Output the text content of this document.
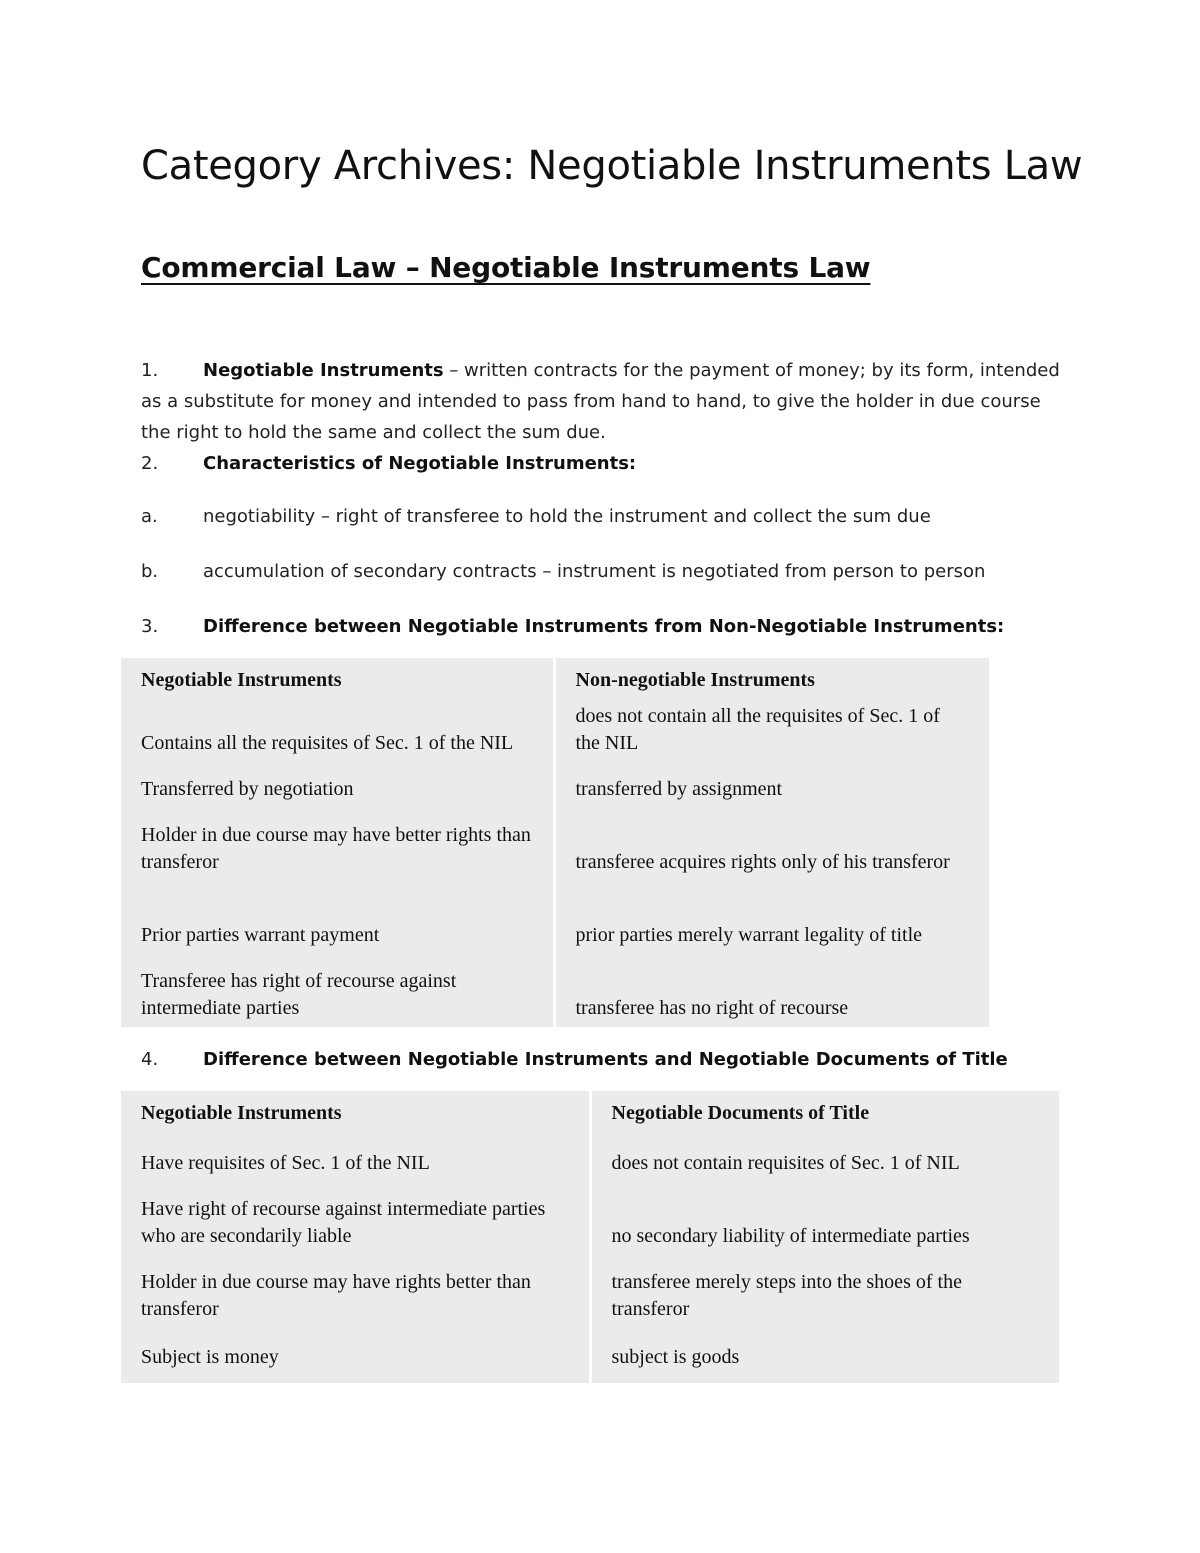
Category Archives: Negotiable Instruments Law
Commercial Law – Negotiable Instruments Law
1. Negotiable Instruments – written contracts for the payment of money; by its form, intended as a substitute for money and intended to pass from hand to hand, to give the holder in due course the right to hold the same and collect the sum due.
2. Characteristics of Negotiable Instruments:
a.	negotiability – right of transferee to hold the instrument and collect the sum due
b. accumulation of secondary contracts – instrument is negotiated from person to person
3. Difference between Negotiable Instruments from Non-Negotiable Instruments:
Negotiable Instruments	Non-negotiable Instruments
Contains all the requisites of Sec. 1 of the NIL	does not contain all the requisites of Sec. 1 of the NIL
Transferred by negotiation	transferred by assignment
Holder in due course may have better rights than transferor	transferee acquires rights only of his transferor
Prior parties warrant payment	prior parties merely warrant legality of title
Transferee has right of recourse against intermediate parties	transferee has no right of recourse
4. Difference between Negotiable Instruments and Negotiable Documents of Title
Negotiable Instruments	Negotiable Documents of Title
Have requisites of Sec. 1 of the NIL	does not contain requisites of Sec. 1 of NIL
Have right of recourse against intermediate parties who are secondarily liable	no secondary liability of intermediate parties
Holder in due course may have rights better than transferor	transferee merely steps into the shoes of the transferor
Subject is money	subject is goods
